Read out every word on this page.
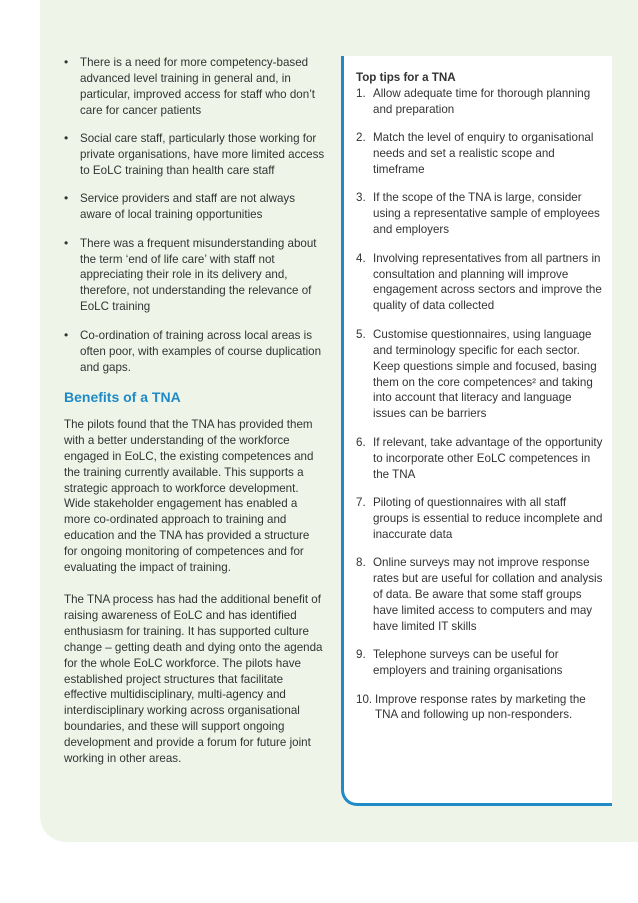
• There is a need for more competency-based advanced level training in general and, in particular, improved access for staff who don’t care for cancer patients
• Social care staff, particularly those working for private organisations, have more limited access to EoLC training than health care staff
• Service providers and staff are not always aware of local training opportunities
• There was a frequent misunderstanding about the term ‘end of life care’ with staff not appreciating their role in its delivery and, therefore, not understanding the relevance of EoLC training
• Co-ordination of training across local areas is often poor, with examples of course duplication and gaps.
Benefits of a TNA

The pilots found that the TNA has provided them with a better understanding of the workforce engaged in EoLC, the existing competences and the training currently available. This supports a strategic approach to workforce development. Wide stakeholder engagement has enabled a more co-ordinated approach to training and education and the TNA has provided a structure for ongoing monitoring of competences and for evaluating the impact of training.

The TNA process has had the additional benefit of raising awareness of EoLC and has identified enthusiasm for training. It has supported culture change – getting death and dying onto the agenda for the whole EoLC workforce. The pilots have established project structures that facilitate effective multidisciplinary, multi-agency and interdisciplinary working across organisational boundaries, and these will support ongoing development and provide a forum for future joint working in other areas.

Top tips for a TNA

1. Allow adequate time for thorough planning and preparation
2. Match the level of enquiry to organisational needs and set a realistic scope and timeframe
3. If the scope of the TNA is large, consider using a representative sample of employees and employers
4. Involving representatives from all partners in consultation and planning will improve engagement across sectors and improve the quality of data collected
5. Customise questionnaires, using language and terminology specific for each sector. Keep questions simple and focused, basing them on the core competences² and taking into account that literacy and language issues can be barriers
6. If relevant, take advantage of the opportunity to incorporate other EoLC competences in the TNA
7. Piloting of questionnaires with all staff groups is essential to reduce incomplete and inaccurate data
8. Online surveys may not improve response rates but are useful for collation and analysis of data. Be aware that some staff groups have limited access to computers and may have limited IT skills
9. Telephone surveys can be useful for employers and training organisations
10. Improve response rates by marketing the TNA and following up non-responders.
